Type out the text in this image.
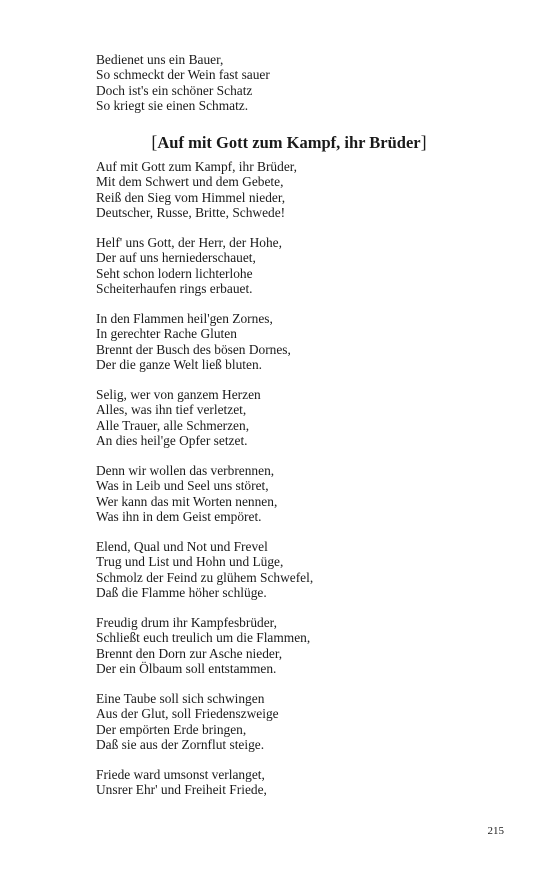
Bedienet uns ein Bauer,
So schmeckt der Wein fast sauer
Doch ist's ein schöner Schatz
So kriegt sie einen Schmatz.

[Auf mit Gott zum Kampf, ihr Brüder]

Auf mit Gott zum Kampf, ihr Brüder,
Mit dem Schwert und dem Gebete,
Reiß den Sieg vom Himmel nieder,
Deutscher, Russe, Britte, Schwede!

Helf' uns Gott, der Herr, der Hohe,
Der auf uns herniederschauet,
Seht schon lodern lichterlohe
Scheiterhaufen rings erbauet.

In den Flammen heil'gen Zornes,
In gerechter Rache Gluten
Brennt der Busch des bösen Dornes,
Der die ganze Welt ließ bluten.

Selig, wer von ganzem Herzen
Alles, was ihn tief verletzet,
Alle Trauer, alle Schmerzen,
An dies heil'ge Opfer setzet.

Denn wir wollen das verbrennen,
Was in Leib und Seel uns störet,
Wer kann das mit Worten nennen,
Was ihn in dem Geist empöret.

Elend, Qual und Not und Frevel
Trug und List und Hohn und Lüge,
Schmolz der Feind zu glühem Schwefel,
Daß die Flamme höher schlüge.

Freudig drum ihr Kampfesbrüder,
Schließt euch treulich um die Flammen,
Brennt den Dorn zur Asche nieder,
Der ein Ölbaum soll entstammen.

Eine Taube soll sich schwingen
Aus der Glut, soll Friedenszweige
Der empörten Erde bringen,
Daß sie aus der Zornflut steige.

Friede ward umsonst verlanget,
Unsrer Ehr' und Freiheit Friede,

215
